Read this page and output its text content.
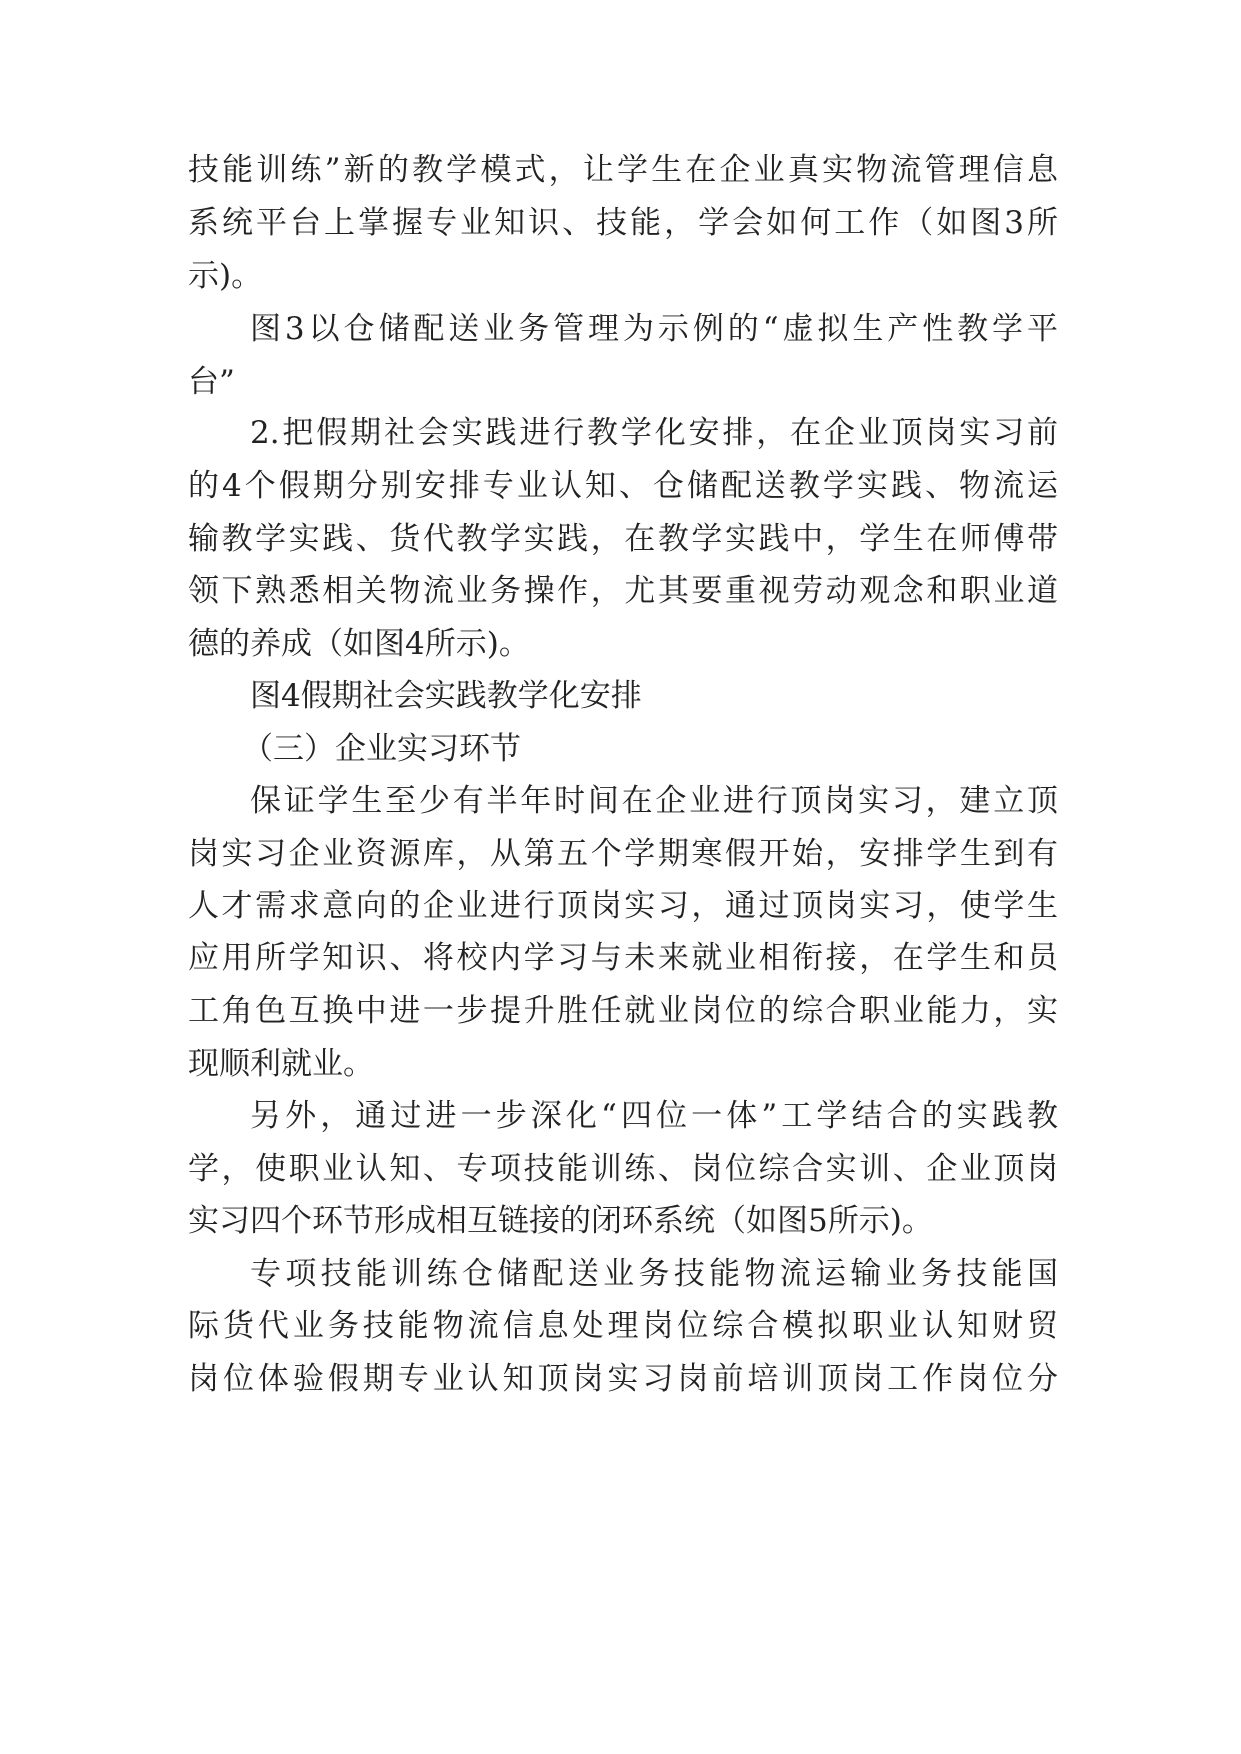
技能训练”新的教学模式，让学生在企业真实物流管理信息
系统平台上掌握专业知识、技能，学会如何工作（如图3所
示)。
图3以仓储配送业务管理为示例的“虚拟生产性教学平
台”
2.把假期社会实践进行教学化安排，在企业顶岗实习前
的4个假期分别安排专业认知、仓储配送教学实践、物流运
输教学实践、货代教学实践，在教学实践中，学生在师傅带
领下熟悉相关物流业务操作，尤其要重视劳动观念和职业道
德的养成（如图4所示)。
图4假期社会实践教学化安排
（三）企业实习环节
保证学生至少有半年时间在企业进行顶岗实习，建立顶
岗实习企业资源库，从第五个学期寒假开始，安排学生到有
人才需求意向的企业进行顶岗实习，通过顶岗实习，使学生
应用所学知识、将校内学习与未来就业相衔接，在学生和员
工角色互换中进一步提升胜任就业岗位的综合职业能力，实
现顺利就业。
另外，通过进一步深化“四位一体”工学结合的实践教
学，使职业认知、专项技能训练、岗位综合实训、企业顶岗
实习四个环节形成相互链接的闭环系统（如图5所示)。
专项技能训练仓储配送业务技能物流运输业务技能国
际货代业务技能物流信息处理岗位综合模拟职业认知财贸
岗位体验假期专业认知顶岗实习岗前培训顶岗工作岗位分
